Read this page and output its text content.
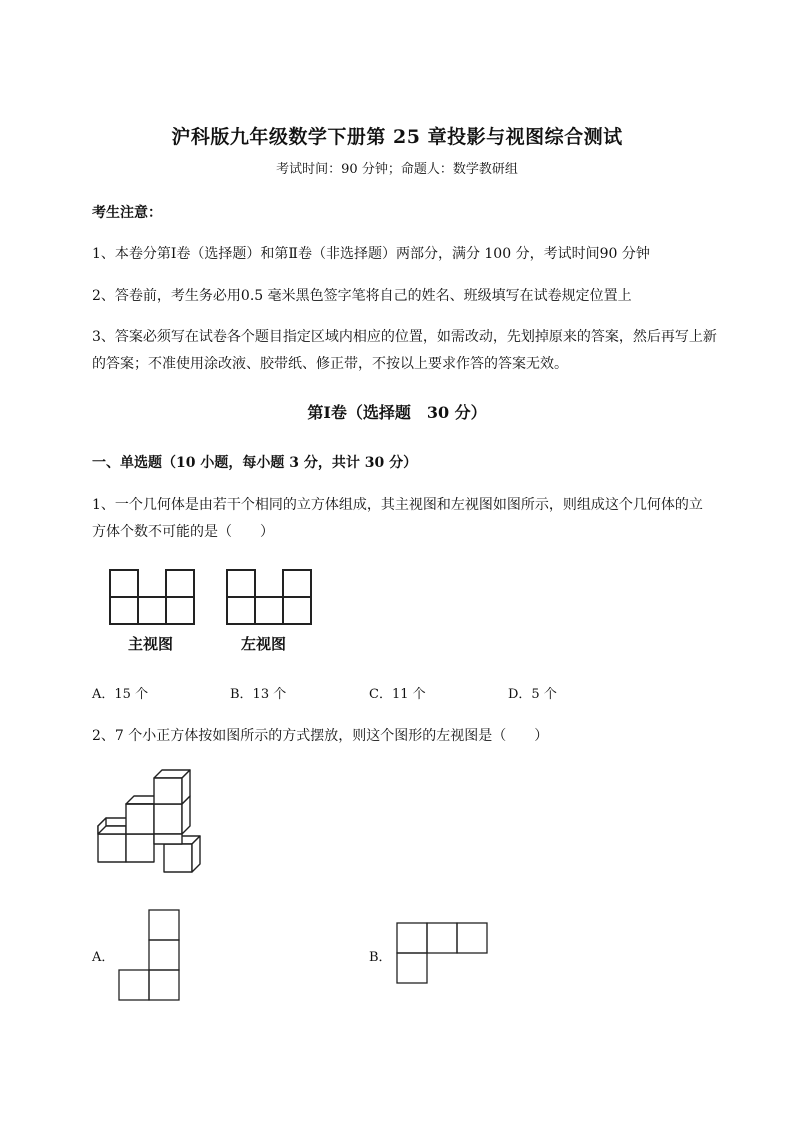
沪科版九年级数学下册第 25 章投影与视图综合测试
考试时间：90 分钟；命题人：数学教研组
考生注意：
1、本卷分第Ⅰ卷（选择题）和第Ⅱ卷（非选择题）两部分，满分 100 分，考试时间90 分钟
2、答卷前，考生务必用0.5 毫米黑色签字笔将自己的姓名、班级填写在试卷规定位置上
3、答案必须写在试卷各个题目指定区域内相应的位置，如需改动，先划掉原来的答案，然后再写上新
的答案；不准使用涂改液、胶带纸、修正带，不按以上要求作答的答案无效。
第Ⅰ卷（选择题　30 分）
一、单选题（10 小题，每小题 3 分，共计 30 分）
1、一个几何体是由若干个相同的立方体组成，其主视图和左视图如图所示，则组成这个几何体的立
方体个数不可能的是（　　）
主视图	左视图
A．15 个	B．13 个	C．11 个	D．5 个
2、7 个小正方体按如图所示的方式摆放，则这个图形的左视图是（　　）
A．	B．
